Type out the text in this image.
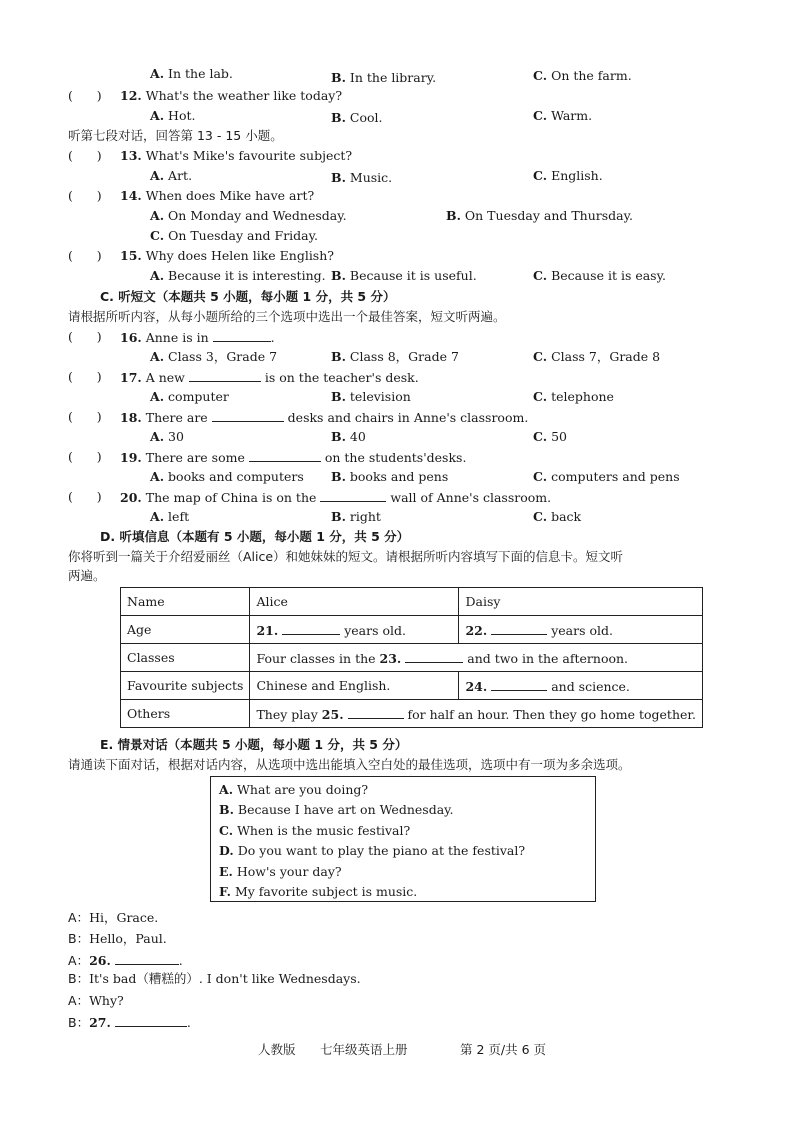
A. In the lab.	B. In the library.	C. On the farm.
(      ) 12. What's the weather like today?
A. Hot.	B. Cool.	C. Warm.
听第七段对话，回答第 13 - 15 小题。
(      ) 13. What's Mike's favourite subject?
A. Art.	B. Music.	C. English.
(      ) 14. When does Mike have art?
A. On Monday and Wednesday.	B. On Tuesday and Thursday.
C. On Tuesday and Friday.
(      ) 15. Why does Helen like English?
A. Because it is interesting. B. Because it is useful.	C. Because it is easy.
C. 听短文（本题共 5 小题，每小题 1 分，共 5 分）
请根据所听内容，从每小题所给的三个选项中选出一个最佳答案，短文听两遍。
(      ) 16. Anne is in	.
A. Class 3，Grade 7	B. Class 8，Grade 7	C. Class 7，Grade 8
(      ) 17. A new	is on the teacher's desk.
A. computer	B. television	C. telephone
(      ) 18. There are	desks and chairs in Anne's classroom.
A. 30	B. 40	C. 50
(      ) 19. There are some	on the students'desks.
A. books and computers B. books and pens	C. computers and pens
(      ) 20. The map of China is on the	wall of Anne's classroom.
A. left	B. right	C. back
D. 听填信息（本题有 5 小题，每小题 1 分，共 5 分）
你将听到一篇关于介绍爱丽丝（Alice）和她妹妹的短文。请根据所听内容填写下面的信息卡。短文听
两遍。
Name	Alice	Daisy
Age	21. years old.	22. years old.
Classes	Four classes in the 23. and two in the afternoon.	
Favourite subjects	Chinese and English.	24. and science.
Others	They play 25. for half an hour. Then they go home together.	
E. 情景对话（本题共 5 小题，每小题 1 分，共 5 分）
请通读下面对话，根据对话内容，从选项中选出能填入空白处的最佳选项，选项中有一项为多余选项。
A. What are you doing?
B. Because I have art on Wednesday.
C. When is the music festival?
D. Do you want to play the piano at the festival?
E. How's your day?
F. My favorite subject is music.
A：Hi，Grace.
B：Hello，Paul.
A：26.	.
B：It's bad（糟糕的）. I don't like Wednesdays.
A：Why?
B：27.	.
人教版 七年级英语上册	第 2 页/共 6 页
